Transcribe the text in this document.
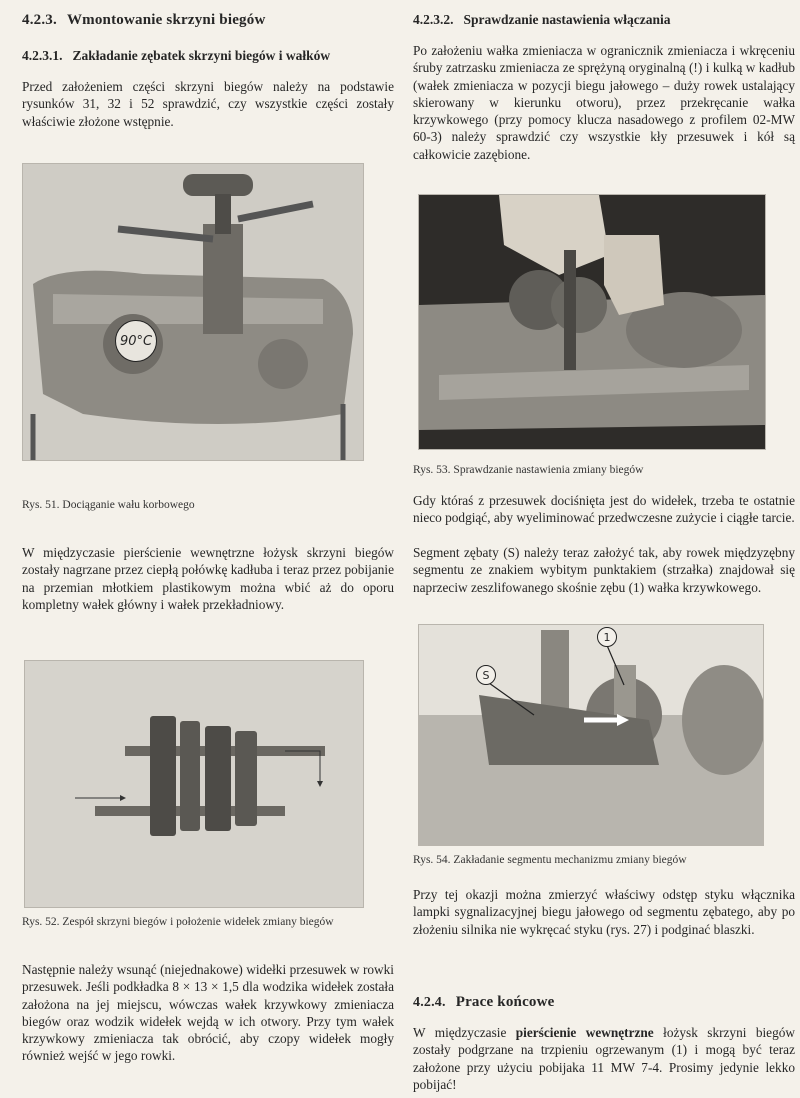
4.2.3. Wmontowanie skrzyni biegów
4.2.3.1. Zakładanie zębatek skrzyni biegów i wałków
Przed założeniem części skrzyni biegów należy na podstawie rysunków 31, 32 i 52 sprawdzić, czy wszystkie części zostały właściwie złożone wstępnie.
90°C
Rys. 51. Dociąganie wału korbowego
W międzyczasie pierścienie wewnętrzne łożysk skrzyni biegów zostały nagrzane przez ciepłą połówkę kadłuba i teraz przez pobijanie na przemian młotkiem plastikowym można wbić aż do oporu kompletny wałek główny i wałek przekładniowy.
Rys. 52. Zespół skrzyni biegów i położenie widełek zmiany biegów
Następnie należy wsunąć (niejednakowe) widełki przesuwek w rowki przesuwek. Jeśli podkładka 8 × 13 × 1,5 dla wodzika widełek została założona na jej miejscu, wówczas wałek krzywkowy zmieniacza biegów oraz wodzik widełek wejdą w ich otwory. Przy tym wałek krzywkowy zmieniacza tak obrócić, aby czopy widełek mogły również wejść w jego rowki.
4.2.3.2. Sprawdzanie nastawienia włączania
Po założeniu wałka zmieniacza w ogranicznik zmieniacza i wkręceniu śruby zatrzasku zmieniacza ze sprężyną oryginalną (!) i kulką w kadłub (wałek zmieniacza w pozycji biegu jałowego – duży rowek ustalający skierowany w kierunku otworu), przez przekręcanie wałka krzywkowego (przy pomocy klucza nasadowego z profilem 02-MW 60-3) należy sprawdzić czy wszystkie kły przesuwek i kół są całkowicie zazębione.
Rys. 53. Sprawdzanie nastawienia zmiany biegów
Gdy któraś z przesuwek dociśnięta jest do widełek, trzeba te ostatnie nieco podgiąć, aby wyeliminować przedwczesne zużycie i ciągłe tarcie.
Segment zębaty (S) należy teraz założyć tak, aby rowek międzyzębny segmentu ze znakiem wybitym punktakiem (strzałka) znajdował się naprzeciw zeszlifowanego skośnie zębu (1) wałka krzywkowego.
S
1
Rys. 54. Zakładanie segmentu mechanizmu zmiany biegów
Przy tej okazji można zmierzyć właściwy odstęp styku włącznika lampki sygnalizacyjnej biegu jałowego od segmentu zębatego, aby po złożeniu silnika nie wykręcać styku (rys. 27) i podginać blaszki.
4.2.4. Prace końcowe
W międzyczasie pierścienie wewnętrzne łożysk skrzyni biegów zostały podgrzane na trzpieniu ogrzewanym (1) i mogą być teraz założone przy użyciu pobijaka 11 MW 7-4. Prosimy jedynie lekko pobijać!
